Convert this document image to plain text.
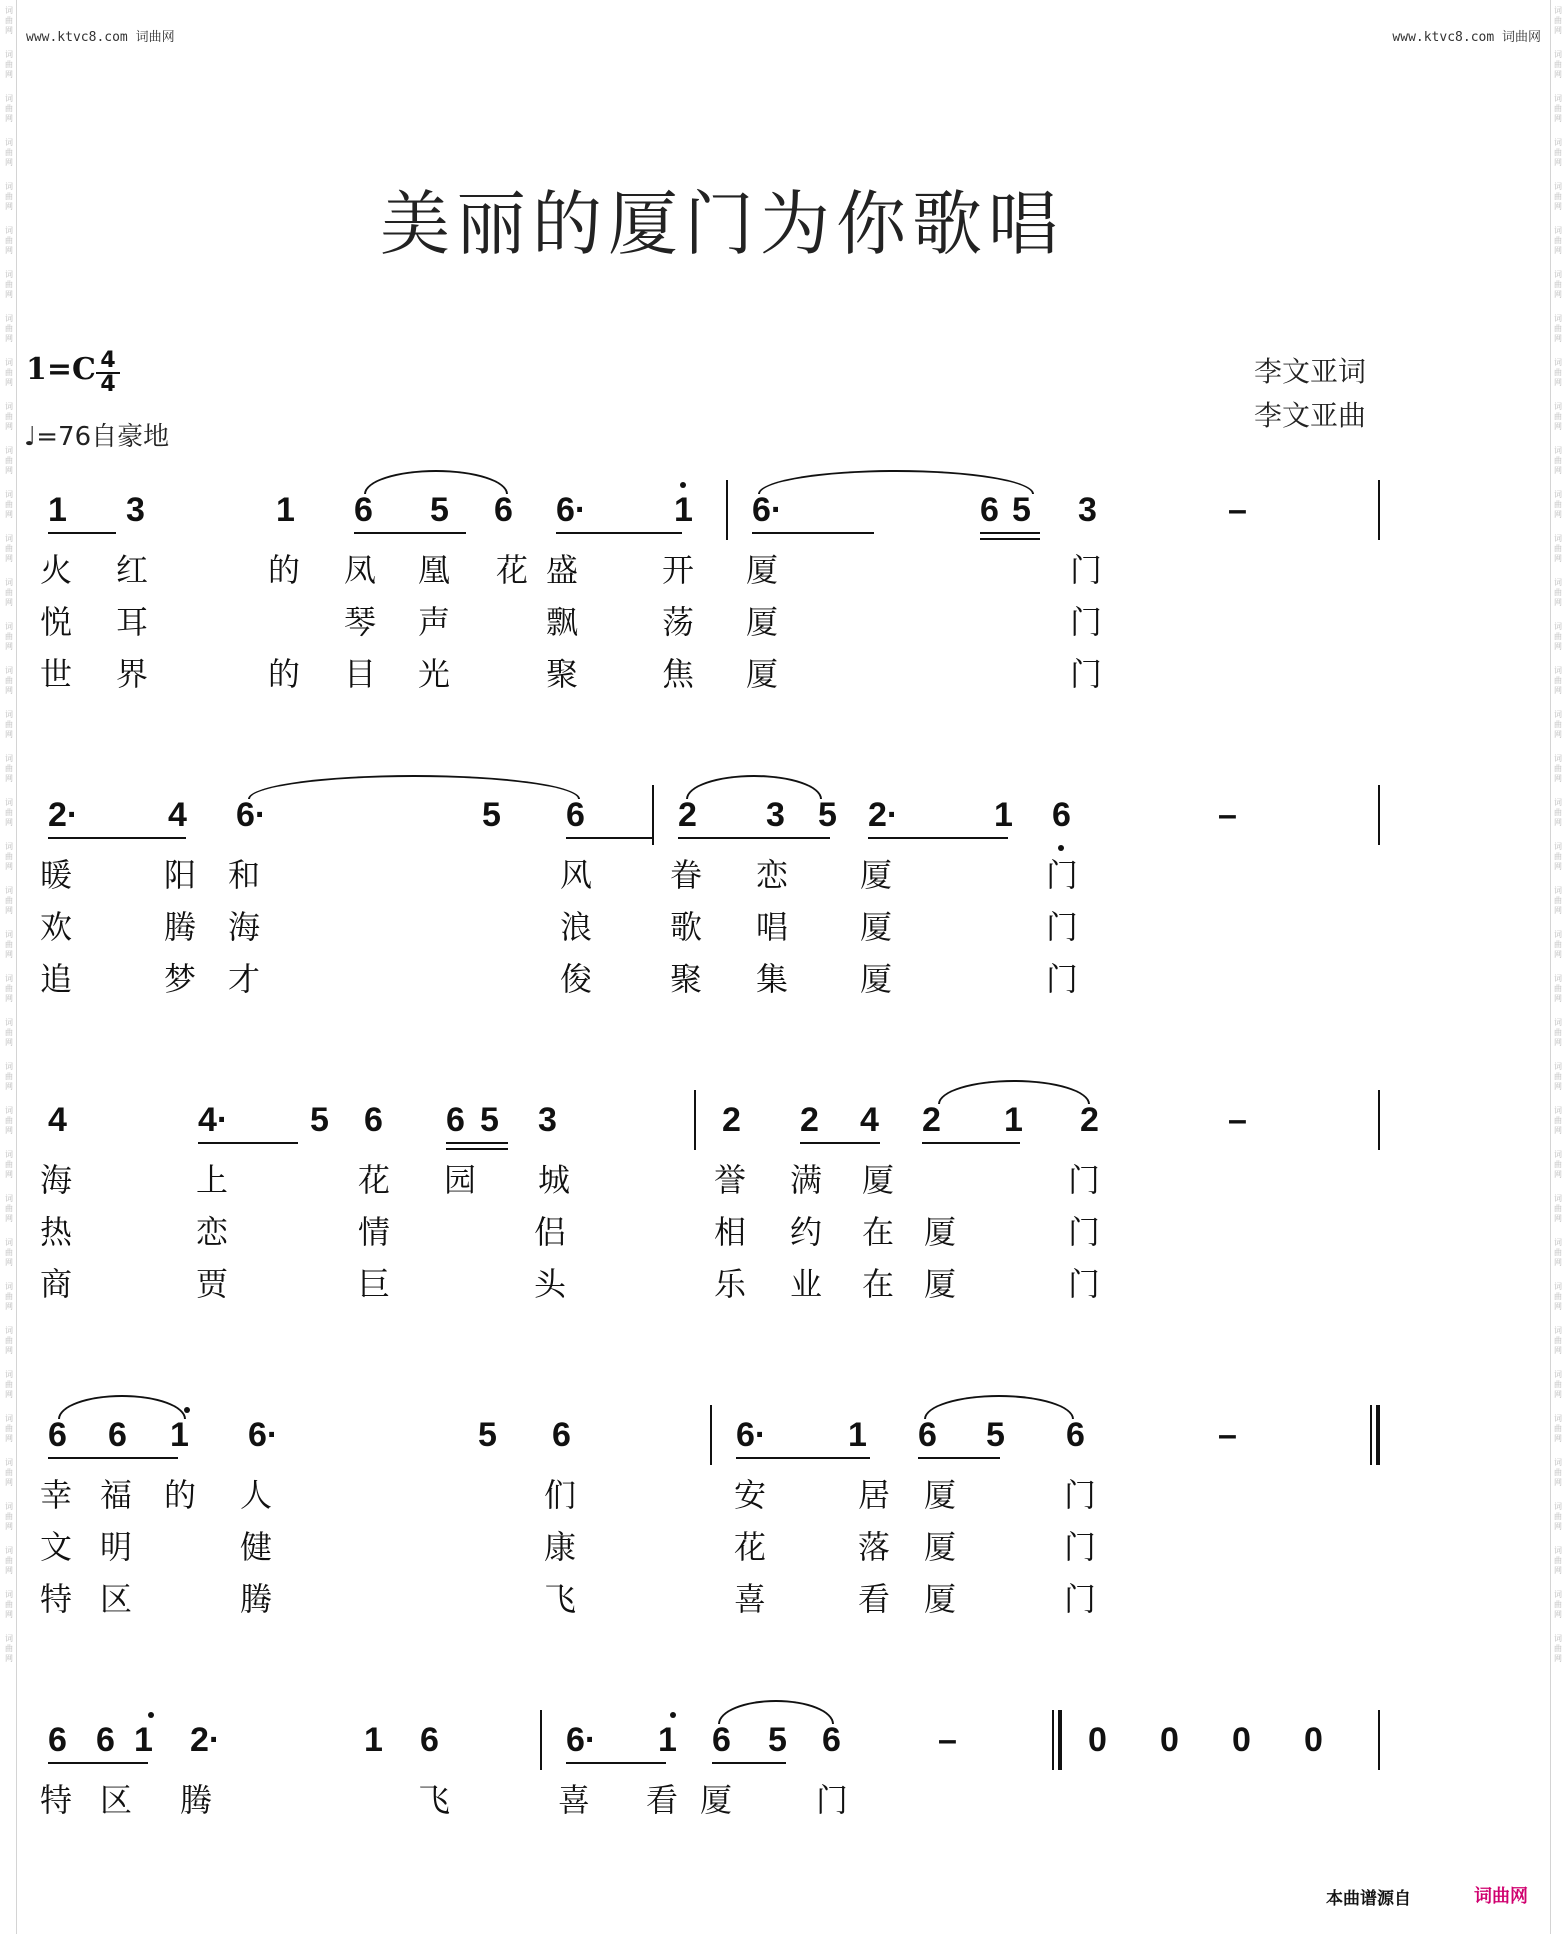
www.ktvc8.com 词曲网	www.ktvc8.com 词曲网
词曲网
词曲网
词曲网
词曲网
词曲网
词曲网
词曲网
词曲网
词曲网
词曲网
词曲网
词曲网
词曲网
词曲网
词曲网
词曲网
词曲网
词曲网
词曲网
词曲网
词曲网
词曲网
词曲网
词曲网
词曲网
词曲网
词曲网
词曲网
词曲网
词曲网
词曲网
词曲网
词曲网
词曲网
词曲网
词曲网
词曲网
词曲网
词曲网
词曲网
词曲网
词曲网
词曲网
词曲网
词曲网
词曲网
词曲网
词曲网
词曲网
词曲网
词曲网
词曲网
词曲网
词曲网
词曲网
词曲网
词曲网
词曲网
词曲网
词曲网
词曲网
词曲网
词曲网
词曲网
词曲网
词曲网
词曲网
词曲网
词曲网
词曲网
词曲网
词曲网
词曲网
词曲网
词曲网
词曲网
美丽的厦门为你歌唱
1=C 4
4
♩=76自豪地
李文亚词
李文亚曲
1 3	1 6 5 6 6·	1 6·	6 5 3	–
火 红	的 凤 凰 花 盛	开 厦	门
悦 耳	琴 声	飘	荡 厦	门
世 界	的 目 光	聚	焦 厦	门
2·	4 6·	5 6	2 3 5 2·	1 6	–
暖	阳 和	风 眷 恋 厦	门
欢	腾 海	浪 歌 唱 厦	门
追	梦 才	俊 聚 集 厦	门
4	4· 5 6 6 5 3	2 2 4 2 1 2	–
海	上	花 园 城	誉 满 厦	门
热	恋	情	侣	相 约 在 厦	门
商	贾	巨	头	乐 业 在 厦	门
6 6 1 6·	5 6	6· 1 6 5 6	–
幸 福 的 人	们	安	居 厦	门
文 明	健	康	花	落 厦	门
特 区	腾	飞	喜	看 厦	门
6 6 1 2·	1 6	6· 1 6 5 6	–	0 0 0 0
特 区 腾	飞	喜 看 厦	门
本曲谱源自	词曲网
